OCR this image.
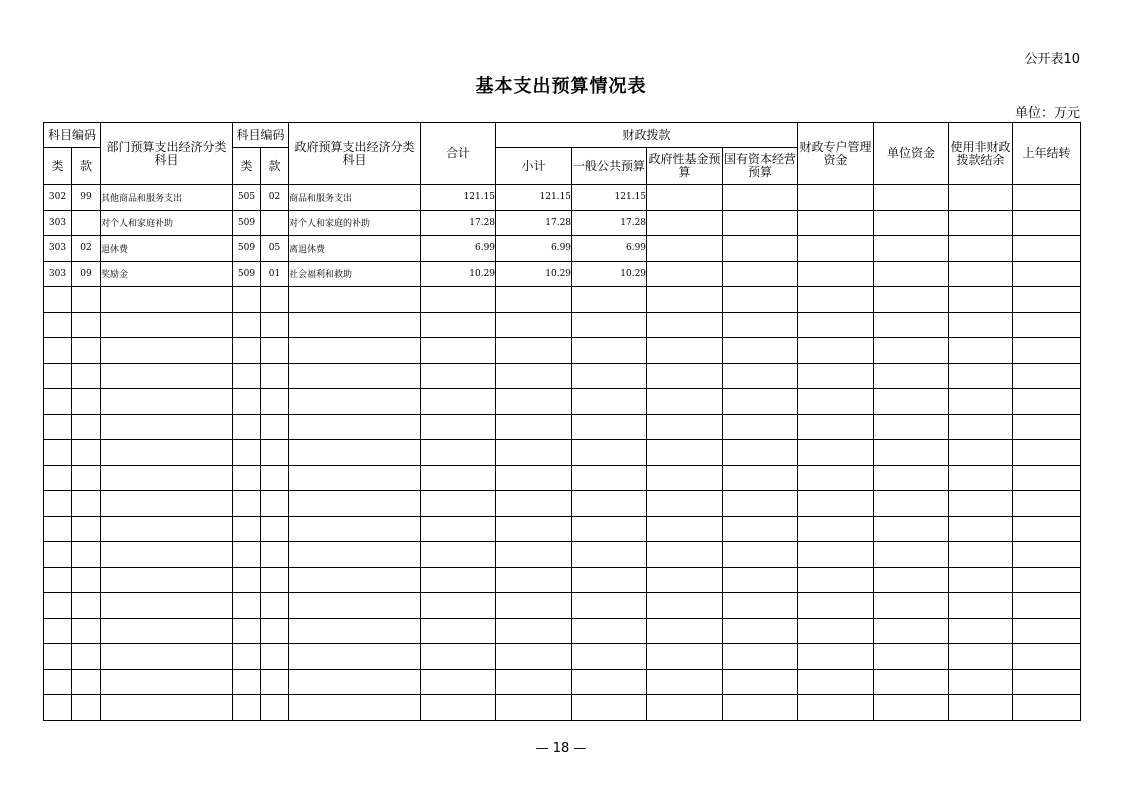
公开表10
基本支出预算情况表
单位：万元
科目编码		部门预算支出经济分类科目	科目编码		政府预算支出经济分类科目	合计	财政拨款				财政专户管理资金	单位资金	使用非财政拨款结余	上年结转
类	款		类	款			小计	一般公共预算	政府性基金预算	国有资本经营预算				
302	99	其他商品和服务支出	505	02	商品和服务支出	121.15	121.15	121.15						
303		对个人和家庭补助	509		对个人和家庭的补助	17.28	17.28	17.28						
303	02	退休费	509	05	离退休费	6.99	6.99	6.99						
303	09	奖励金	509	01	社会福利和救助	10.29	10.29	10.29						

— 18 —
